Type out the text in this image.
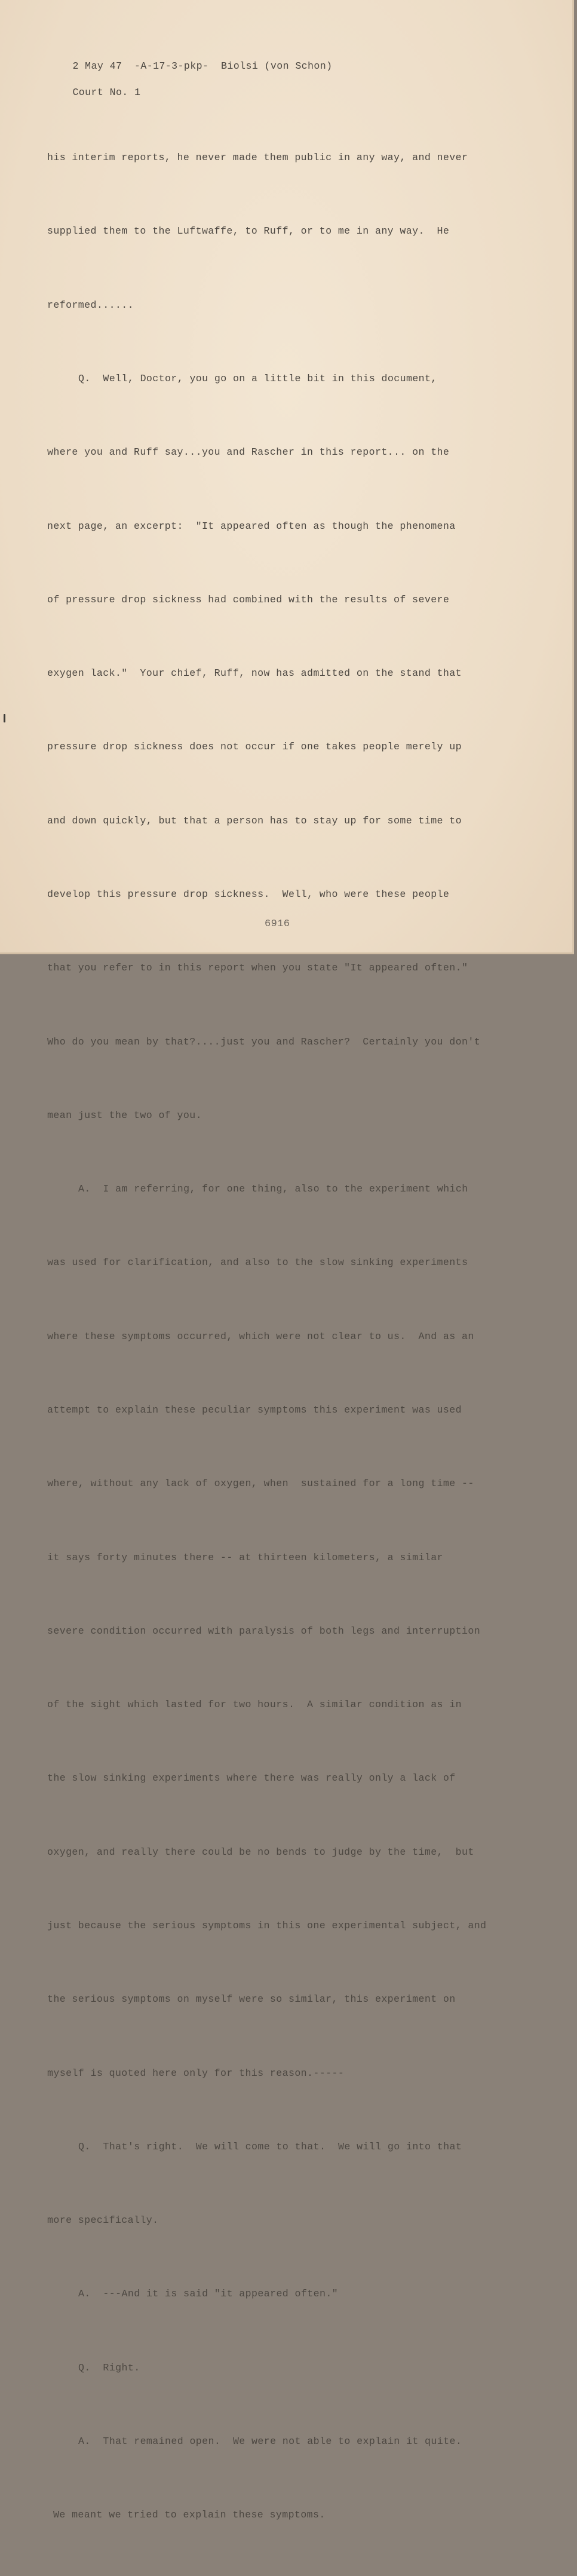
2 May 47  -A-17-3-pkp-  Biolsi (von Schon)

Court No. 1

his interim reports, he never made them public in any way, and never

supplied them to the Luftwaffe, to Ruff, or to me in any way.  He

reformed......

Q.  Well, Doctor, you go on a little bit in this document,

where you and Ruff say...you and Rascher in this report... on the

next page, an excerpt:  "It appeared often as though the phenomena

of pressure drop sickness had combined with the results of severe

exygen lack."  Your chief, Ruff, now has admitted on the stand that

pressure drop sickness does not occur if one takes people merely up

and down quickly, but that a person has to stay up for some time to

develop this pressure drop sickness.  Well, who were these people

that you refer to in this report when you state "It appeared often."

Who do you mean by that?....just you and Rascher?  Certainly you don't

mean just the two of you.

A.  I am referring, for one thing, also to the experiment which

was used for clarification, and also to the slow sinking experiments

where these symptoms occurred, which were not clear to us.  And as an

attempt to explain these peculiar symptoms this experiment was used

where, without any lack of oxygen, when  sustained for a long time --

it says forty minutes there -- at thirteen kilometers, a similar

severe condition occurred with paralysis of both legs and interruption

of the sight which lasted for two hours.  A similar condition as in

the slow sinking experiments where there was really only a lack of

oxygen, and really there could be no bends to judge by the time,  but

just because the serious symptoms in this one experimental subject, and

the serious symptoms on myself were so similar, this experiment on

myself is quoted here only for this reason.-----

Q.  That's right.  We will come to that.  We will go into that

more specifically.

A.  ---And it is said "it appeared often."

Q.  Right.

A.  That remained open.  We were not able to explain it quite.

We meant we tried to explain these symptoms.

6916
